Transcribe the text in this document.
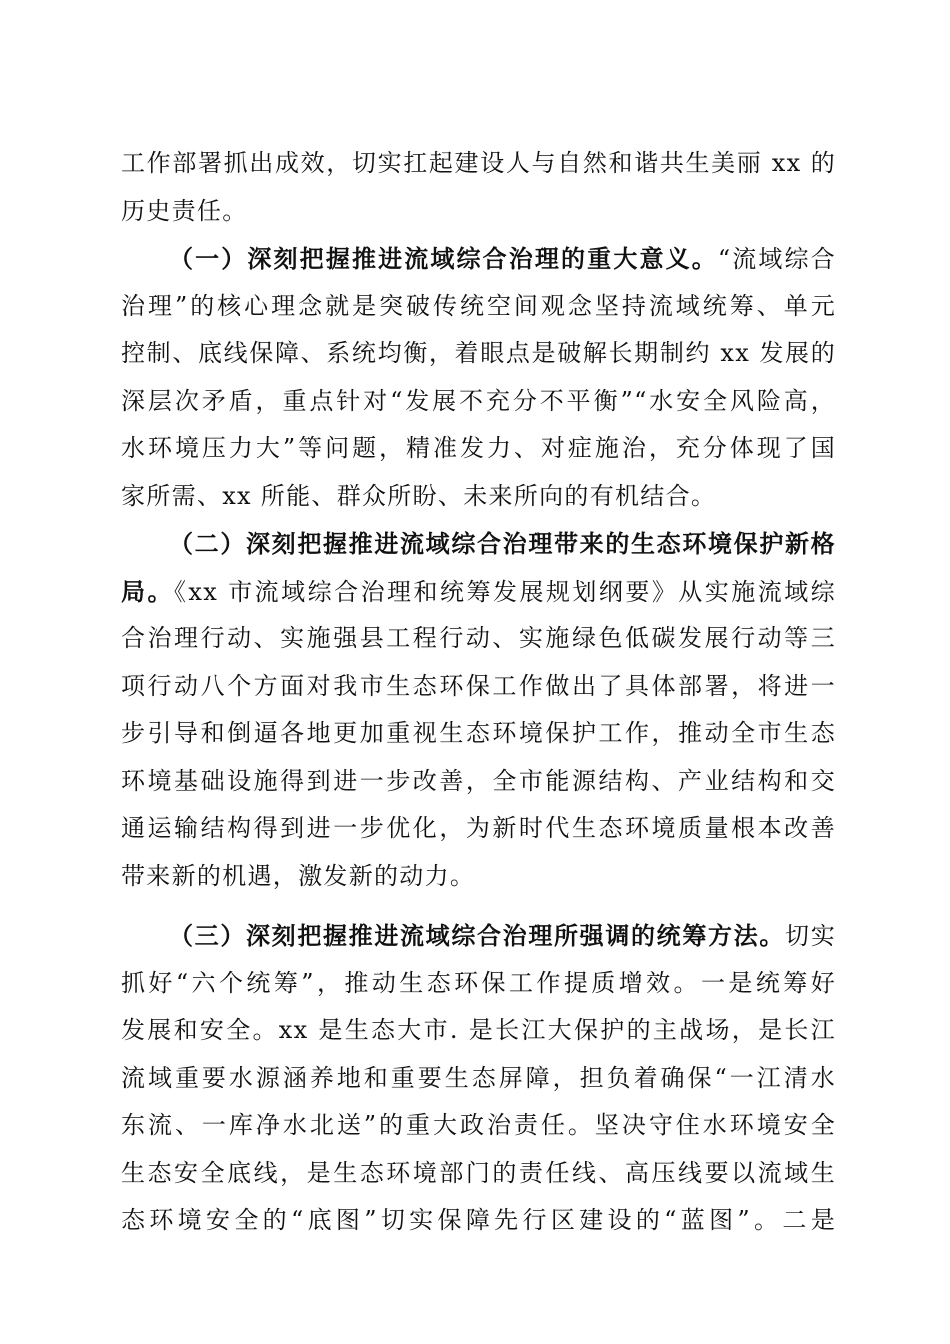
工作部署抓出成效，切实扛起建设人与自然和谐共生美丽 xx 的
历史责任。
（一）深刻把握推进流域综合治理的重大意义。“流域综合
治理”的核心理念就是突破传统空间观念坚持流域统筹、单元
控制、底线保障、系统均衡，着眼点是破解长期制约 xx 发展的
深层次矛盾，重点针对“发展不充分不平衡”“水安全风险高，
水环境压力大”等问题，精准发力、对症施治，充分体现了国
家所需、xx 所能、群众所盼、未来所向的有机结合。
（二）深刻把握推进流域综合治理带来的生态环境保护新格
局。《xx 市流域综合治理和统筹发展规划纲要》从实施流域综
合治理行动、实施强县工程行动、实施绿色低碳发展行动等三
项行动八个方面对我市生态环保工作做出了具体部署，将进一
步引导和倒逼各地更加重视生态环境保护工作，推动全市生态
环境基础设施得到进一步改善，全市能源结构、产业结构和交
通运输结构得到进一步优化，为新时代生态环境质量根本改善
带来新的机遇，激发新的动力。
（三）深刻把握推进流域综合治理所强调的统筹方法。切实
抓好“六个统筹”，推动生态环保工作提质增效。一是统筹好
发展和安全。xx 是生态大市. 是长江大保护的主战场，是长江
流域重要水源涵养地和重要生态屏障，担负着确保“一江清水
东流、一库净水北送”的重大政治责任。坚决守住水环境安全
生态安全底线，是生态环境部门的责任线、高压线要以流域生
态环境安全的“底图”切实保障先行区建设的“蓝图”。二是
